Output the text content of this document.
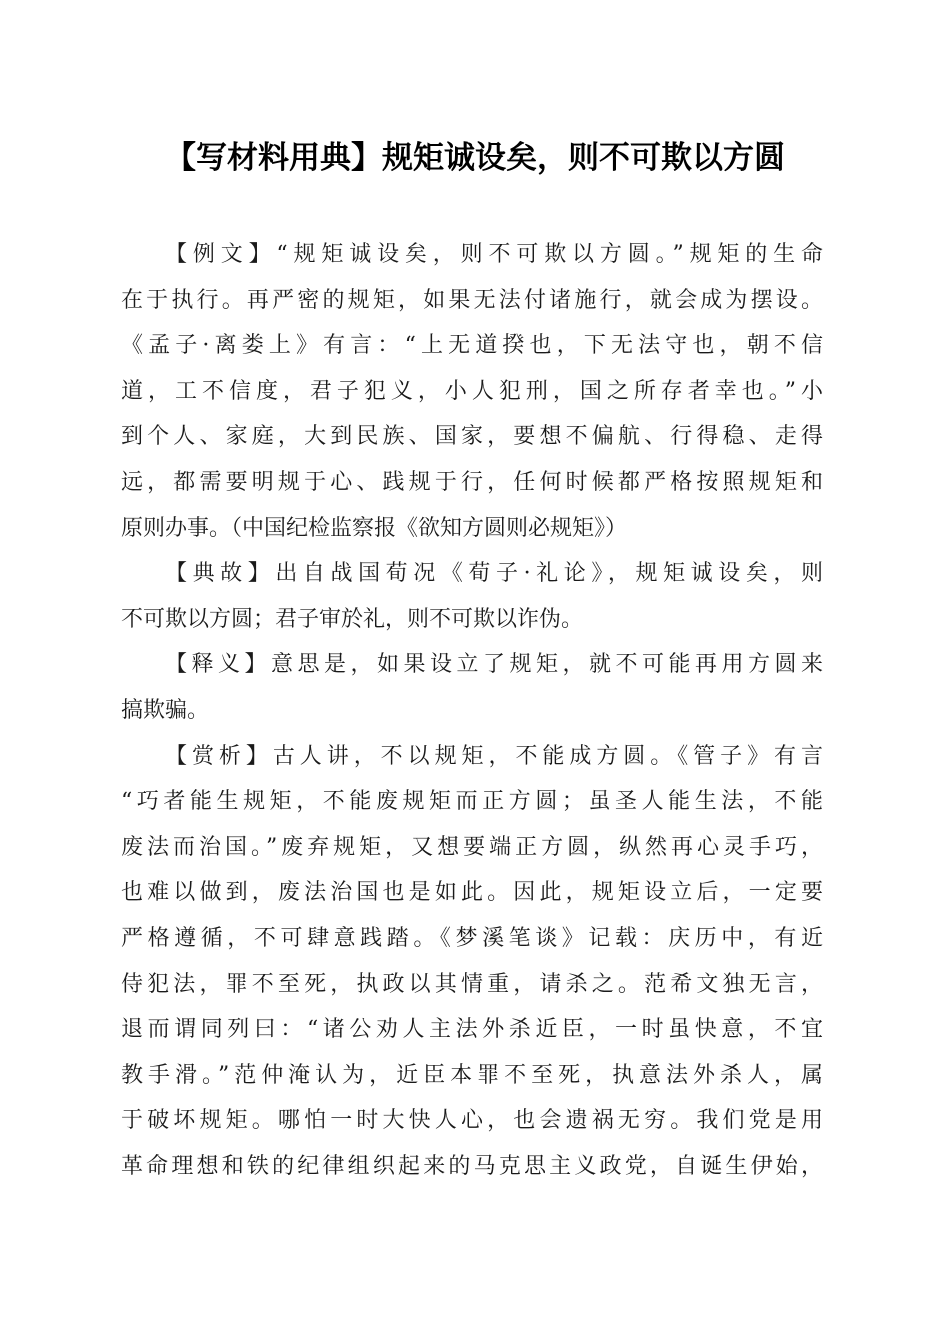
【写材料用典】规矩诚设矣，则不可欺以方圆
【例文】“规矩诚设矣，则不可欺以方圆。”规矩的生命
在于执行。再严密的规矩，如果无法付诸施行，就会成为摆设。
《孟子·离娄上》有言：“上无道揆也，下无法守也，朝不信
道，工不信度，君子犯义，小人犯刑，国之所存者幸也。”小
到个人、家庭，大到民族、国家，要想不偏航、行得稳、走得
远，都需要明规于心、践规于行，任何时候都严格按照规矩和
原则办事。（中国纪检监察报《欲知方圆则必规矩》）
【典故】出自战国荀况《荀子·礼论》，规矩诚设矣，则
不可欺以方圆；君子审於礼，则不可欺以诈伪。
【释义】意思是，如果设立了规矩，就不可能再用方圆来
搞欺骗。
【赏析】古人讲，不以规矩，不能成方圆。《管子》有言
“巧者能生规矩，不能废规矩而正方圆；虽圣人能生法，不能
废法而治国。”废弃规矩，又想要端正方圆，纵然再心灵手巧，
也难以做到，废法治国也是如此。因此，规矩设立后，一定要
严格遵循，不可肆意践踏。《梦溪笔谈》记载：庆历中，有近
侍犯法，罪不至死，执政以其情重，请杀之。范希文独无言，
退而谓同列曰：“诸公劝人主法外杀近臣，一时虽快意，不宜
教手滑。”范仲淹认为，近臣本罪不至死，执意法外杀人，属
于破坏规矩。哪怕一时大快人心，也会遗祸无穷。我们党是用
革命理想和铁的纪律组织起来的马克思主义政党，自诞生伊始，
